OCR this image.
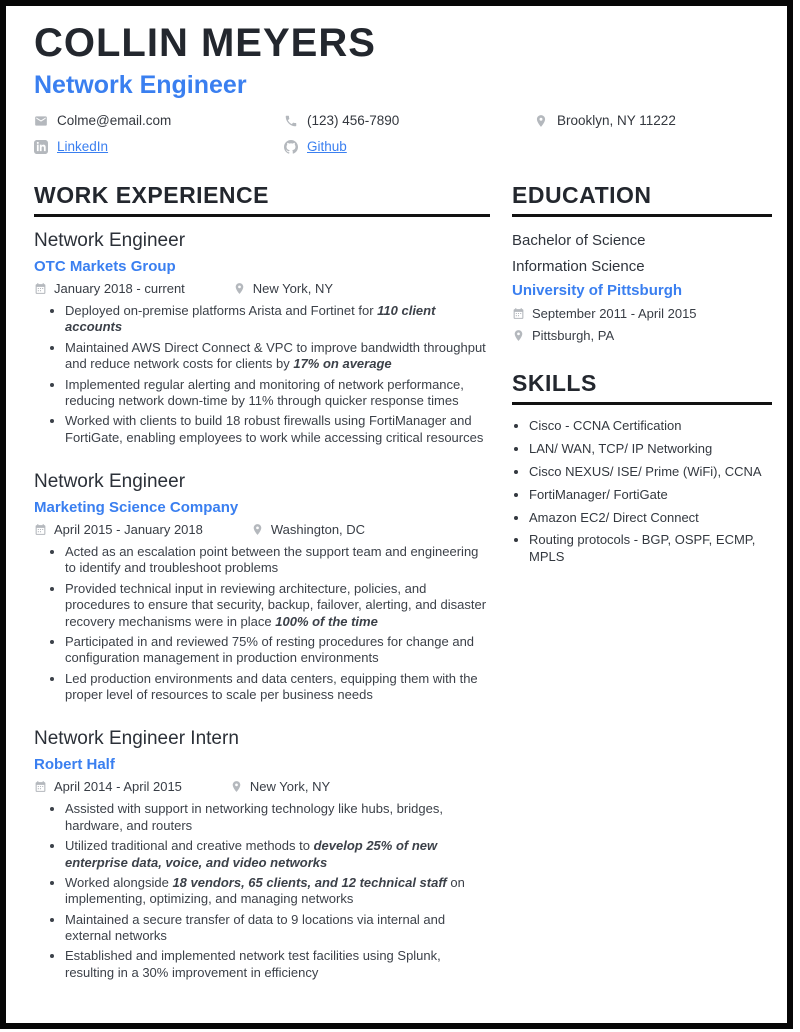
COLLIN MEYERS
Network Engineer
Colme@email.com	(123) 456-7890	Brooklyn, NY 11222
LinkedIn	Github
WORK EXPERIENCE
Network Engineer
OTC Markets Group
January 2018 - current	New York, NY
• Deployed on-premise platforms Arista and Fortinet for 110 client accounts
• Maintained AWS Direct Connect & VPC to improve bandwidth throughput and reduce network costs for clients by 17% on average
• Implemented regular alerting and monitoring of network performance, reducing network down-time by 11% through quicker response times
• Worked with clients to build 18 robust firewalls using FortiManager and FortiGate, enabling employees to work while accessing critical resources
Network Engineer
Marketing Science Company
April 2015 - January 2018	Washington, DC
• Acted as an escalation point between the support team and engineering to identify and troubleshoot problems
• Provided technical input in reviewing architecture, policies, and procedures to ensure that security, backup, failover, alerting, and disaster recovery mechanisms were in place 100% of the time
• Participated in and reviewed 75% of resting procedures for change and configuration management in production environments
• Led production environments and data centers, equipping them with the proper level of resources to scale per business needs
Network Engineer Intern
Robert Half
April 2014 - April 2015	New York, NY
• Assisted with support in networking technology like hubs, bridges, hardware, and routers
• Utilized traditional and creative methods to develop 25% of new enterprise data, voice, and video networks
• Worked alongside 18 vendors, 65 clients, and 12 technical staff on implementing, optimizing, and managing networks
• Maintained a secure transfer of data to 9 locations via internal and external networks
• Established and implemented network test facilities using Splunk, resulting in a 30% improvement in efficiency
EDUCATION
Bachelor of Science
Information Science
University of Pittsburgh
September 2011 - April 2015
Pittsburgh, PA
SKILLS
• Cisco - CCNA Certification
• LAN/ WAN, TCP/ IP Networking
• Cisco NEXUS/ ISE/ Prime (WiFi), CCNA
• FortiManager/ FortiGate
• Amazon EC2/ Direct Connect
• Routing protocols - BGP, OSPF, ECMP, MPLS
